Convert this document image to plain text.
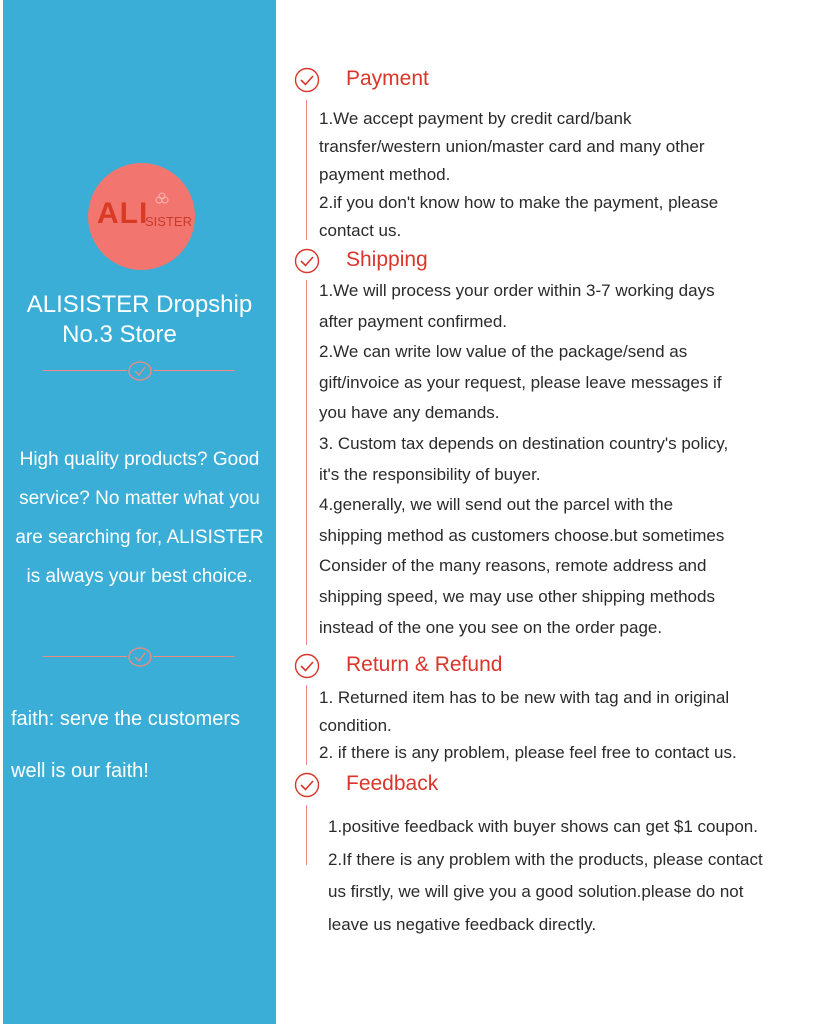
ALI
SISTER
ALISISTER Dropship
No.3 Store
High quality products? Good
service? No matter what you
are searching for, ALISISTER
is always your best choice.
faith: serve the customers
well is our faith!
Payment

1.We accept payment by credit card/bank

transfer/western union/master card and many other

payment method.

2.if you don't know how to make the payment, please

contact us.

Shipping

1.We will process your order within 3-7 working days

after payment confirmed.

2.We can write low value of the package/send as

gift/invoice as your request, please leave messages if

you have any demands.

3. Custom tax depends on destination country's policy,

it's the responsibility of buyer.

4.generally, we will send out the parcel with the

shipping method as customers choose.but sometimes

Consider of the many reasons, remote address and

shipping speed, we may use other shipping methods

instead of the one you see on the order page.

Return & Refund

1. Returned item has to be new with tag and in original

condition.

2. if there is any problem, please feel free to contact us.

Feedback

1.positive feedback with buyer shows can get $1 coupon.

2.If there is any problem with the products, please contact

us firstly, we will give you a good solution.please do not

leave us negative feedback directly.
